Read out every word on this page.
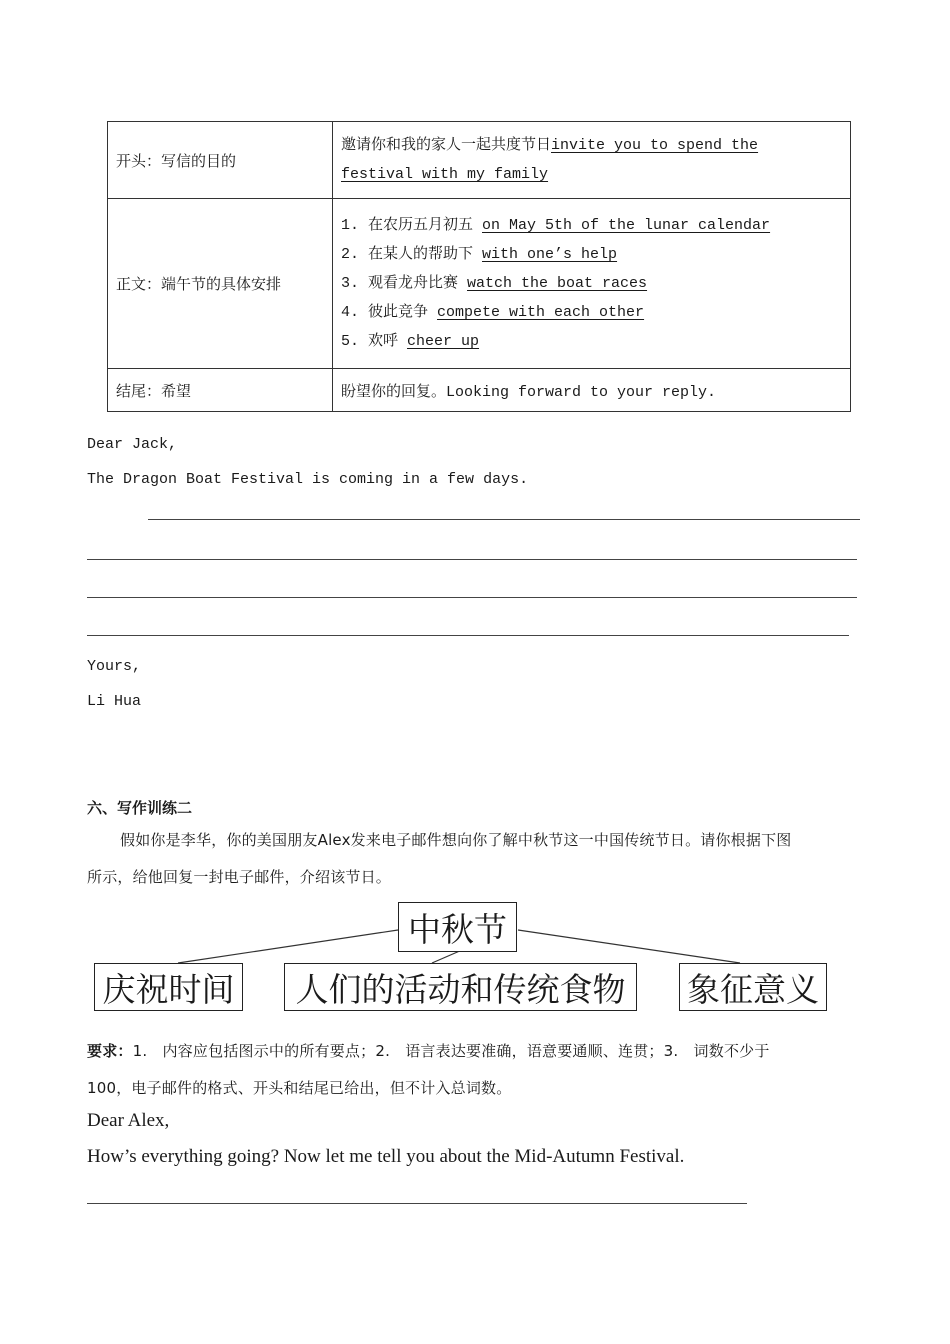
开头：写信的目的	邀请你和我的家人一起共度节日invite you to spend the
festival with my family

正文：端午节的具体安排	1. 在农历五月初五 on May 5th of the lunar calendar
2. 在某人的帮助下 with one’s help
3. 观看龙舟比赛 watch the boat races
4. 彼此竞争 compete with each other
5. 欢呼 cheer up

结尾：希望	盼望你的回复。Looking forward to your reply.
Dear Jack,
The Dragon Boat Festival is coming in a few days.
Yours,
Li Hua
六、写作训练二
假如你是李华，你的美国朋友Alex发来电子邮件想向你了解中秋节这一中国传统节日。请你根据下图
所示，给他回复一封电子邮件，介绍该节日。
中秋节
庆祝时间	人们的活动和传统食物	象征意义
要求：1.　内容应包括图示中的所有要点；2.　语言表达要准确，语意要通顺、连贯；3.　词数不少于
100，电子邮件的格式、开头和结尾已给出，但不计入总词数。
Dear Alex,
How’s everything going? Now let me tell you about the Mid-Autumn Festival.
